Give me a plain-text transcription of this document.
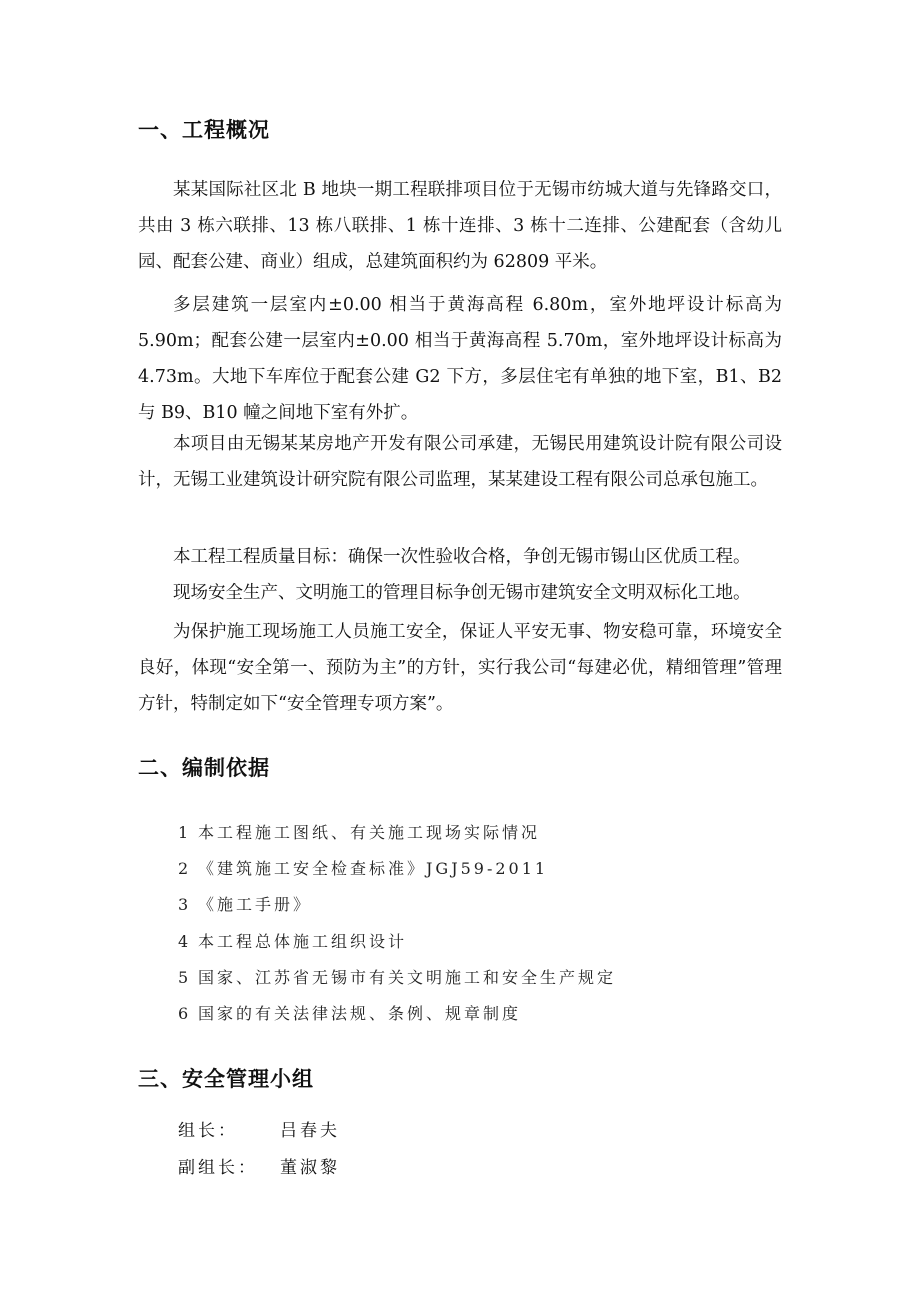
一、工程概况

某某国际社区北 B 地块一期工程联排项目位于无锡市纺城大道与先锋路交口，共由 3 栋六联排、13 栋八联排、1 栋十连排、3 栋十二连排、公建配套（含幼儿园、配套公建、商业）组成，总建筑面积约为 62809 平米。

多层建筑一层室内±0.00 相当于黄海高程 6.80m，室外地坪设计标高为5.90m；配套公建一层室内±0.00 相当于黄海高程 5.70m，室外地坪设计标高为4.73m。大地下车库位于配套公建 G2 下方，多层住宅有单独的地下室，B1、B2与 B9、B10 幢之间地下室有外扩。

本项目由无锡某某房地产开发有限公司承建，无锡民用建筑设计院有限公司设计，无锡工业建筑设计研究院有限公司监理，某某建设工程有限公司总承包施工。

本工程工程质量目标：确保一次性验收合格，争创无锡市锡山区优质工程。

现场安全生产、文明施工的管理目标争创无锡市建筑安全文明双标化工地。

为保护施工现场施工人员施工安全，保证人平安无事、物安稳可靠，环境安全良好，体现“安全第一、预防为主”的方针，实行我公司“每建必优，精细管理”管理方针，特制定如下“安全管理专项方案”。

二、编制依据
1 本工程施工图纸、有关施工现场实际情况
2 《建筑施工安全检查标准》JGJ59-2011
3 《施工手册》
4 本工程总体施工组织设计
5 国家、江苏省无锡市有关文明施工和安全生产规定
6 国家的有关法律法规、条例、规章制度
三、安全管理小组
组长： 吕春夫
副组长： 董淑黎
